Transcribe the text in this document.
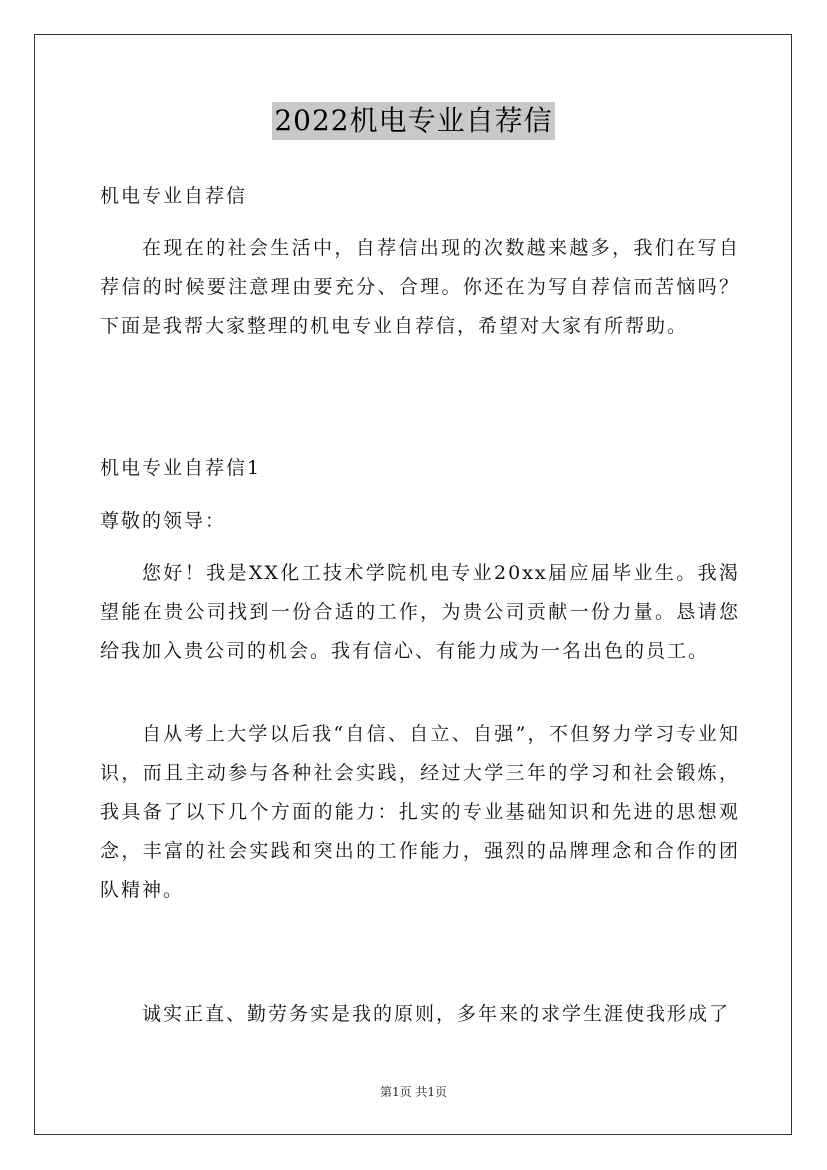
2022机电专业自荐信

机电专业自荐信

在现在的社会生活中，自荐信出现的次数越来越多，我们在写自荐信的时候要注意理由要充分、合理。你还在为写自荐信而苦恼吗？下面是我帮大家整理的机电专业自荐信，希望对大家有所帮助。

机电专业自荐信1

尊敬的领导：

您好！我是XX化工技术学院机电专业20xx届应届毕业生。我渴望能在贵公司找到一份合适的工作，为贵公司贡献一份力量。恳请您给我加入贵公司的机会。我有信心、有能力成为一名出色的员工。

自从考上大学以后我“自信、自立、自强”，不但努力学习专业知识，而且主动参与各种社会实践，经过大学三年的学习和社会锻炼，我具备了以下几个方面的能力：扎实的专业基础知识和先进的思想观念，丰富的社会实践和突出的工作能力，强烈的品牌理念和合作的团队精神。

诚实正直、勤劳务实是我的原则，多年来的求学生涯使我形成了

第1页 共1页
